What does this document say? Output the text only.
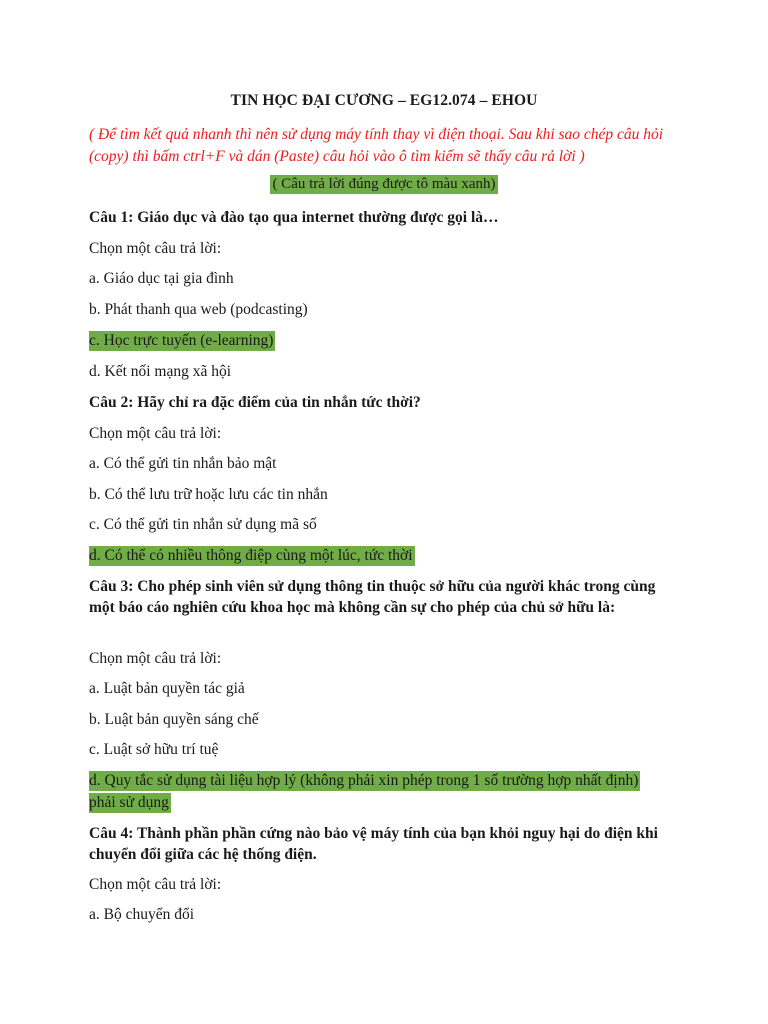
TIN HỌC ĐẠI CƯƠNG – EG12.074 – EHOU
( Để tìm kết quả nhanh thì nên sử dụng máy tính thay vì điện thoại. Sau khi sao chép câu hỏi (copy) thì bấm ctrl+F và dán (Paste) câu hỏi vào ô tìm kiếm sẽ thấy câu rả lời )
( Câu trả lời đúng được tô màu xanh)
Câu 1: Giáo dục và đào tạo qua internet thường được gọi là…
Chọn một câu trả lời:
a. Giáo dục tại gia đình
b. Phát thanh qua web (podcasting)
c. Học trực tuyến (e-learning)
d. Kết nối mạng xã hội
Câu 2: Hãy chỉ ra đặc điểm của tin nhắn tức thời?
Chọn một câu trả lời:
a. Có thể gửi tin nhắn bảo mật
b. Có thể lưu trữ hoặc lưu các tin nhắn
c. Có thể gửi tin nhắn sử dụng mã số
d. Có thể có nhiều thông điệp cùng một lúc, tức thời
Câu 3: Cho phép sinh viên sử dụng thông tin thuộc sở hữu của người khác trong cùng một báo cáo nghiên cứu khoa học mà không cần sự cho phép của chủ sở hữu là:
Chọn một câu trả lời:
a. Luật bản quyền tác giả
b. Luật bản quyền sáng chế
c. Luật sở hữu trí tuệ
d. Quy tắc sử dụng tài liệu hợp lý (không phải xin phép trong 1 số trường hợp nhất định)
phải sử dụng
Câu 4: Thành phần phần cứng nào bảo vệ máy tính của bạn khỏi nguy hại do điện khi chuyển đổi giữa các hệ thống điện.
Chọn một câu trả lời:
a. Bộ chuyển đổi
